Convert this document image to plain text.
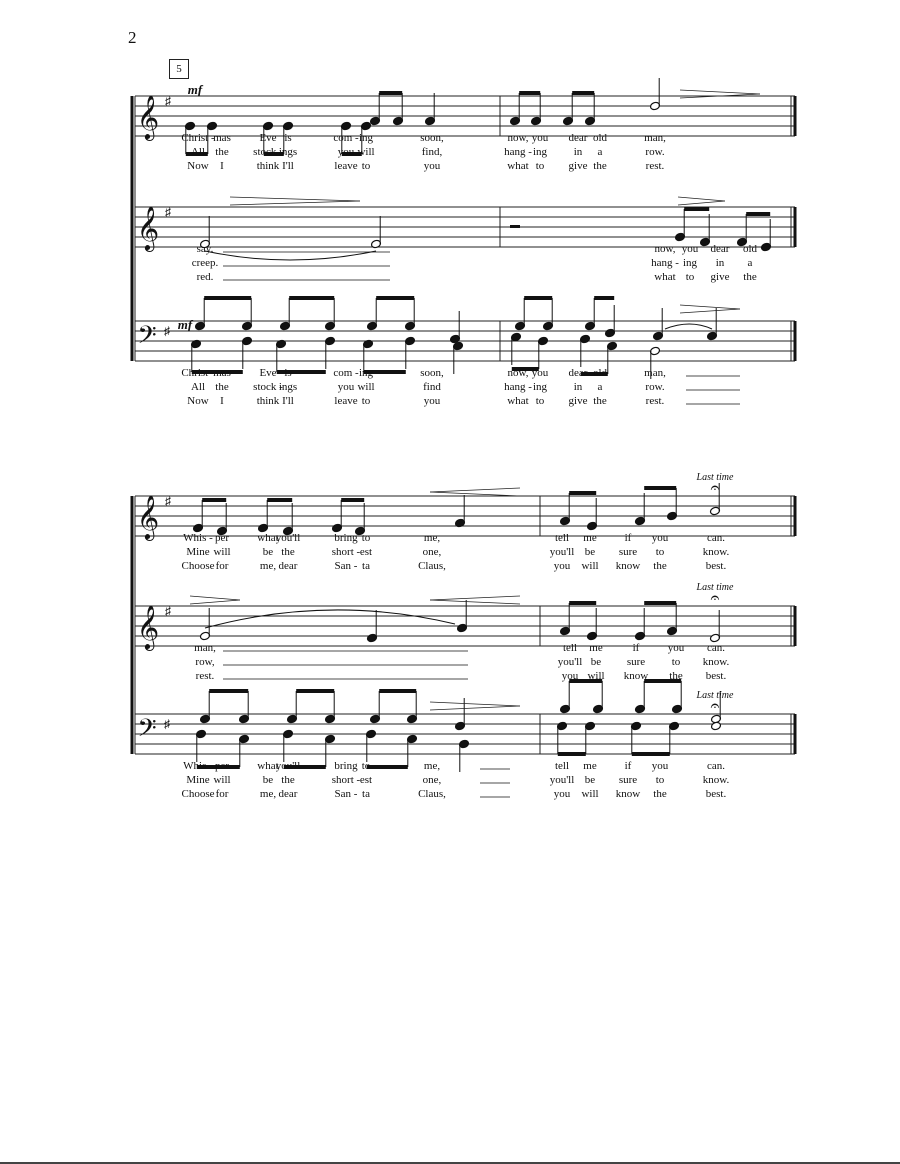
2
5
𝄞 ♯
𝄞 ♯
𝄢 ♯
𝄞 ♯
𝄞 ♯
𝄢 ♯
mf
mf
Last time
𝄐
Last time
𝄐
Last time
𝄐
Christ -
mas	Eve is	com - ing	soon,	now, you dear old	man,
All the stock -
ings	you will	find,	hang - ing in a	row.
Now I	think I'll	leave to	you	what to give the	rest.
say.	now, you dear old
creep.	hang - ing in a
red.	what to give the
Christ -
mas	Eve is	com - ing	soon,	now, you dear old	man,
All the stock -
ings	you will	find	hang - ing in a	row.
Now I	think I'll	leave to	you	what to give the	rest.
Whis - per	what
you'll	bring to	me,	tell me	if you	can.
Mine will	be the	short - est	one,	you'll be sure to	know.
Choose for	me, dear	San - ta	Claus,	you will know the	best.
man,	tell me	if	you can.
row,	you'll be sure to know.
rest.	you will know the best.
Whis - per	what
you'll	bring to	me,	tell me	if you	can.
Mine will	be the	short - est	one,	you'll be sure to	know.
Choose for	me, dear	San - ta	Claus,	you will know the	best.
